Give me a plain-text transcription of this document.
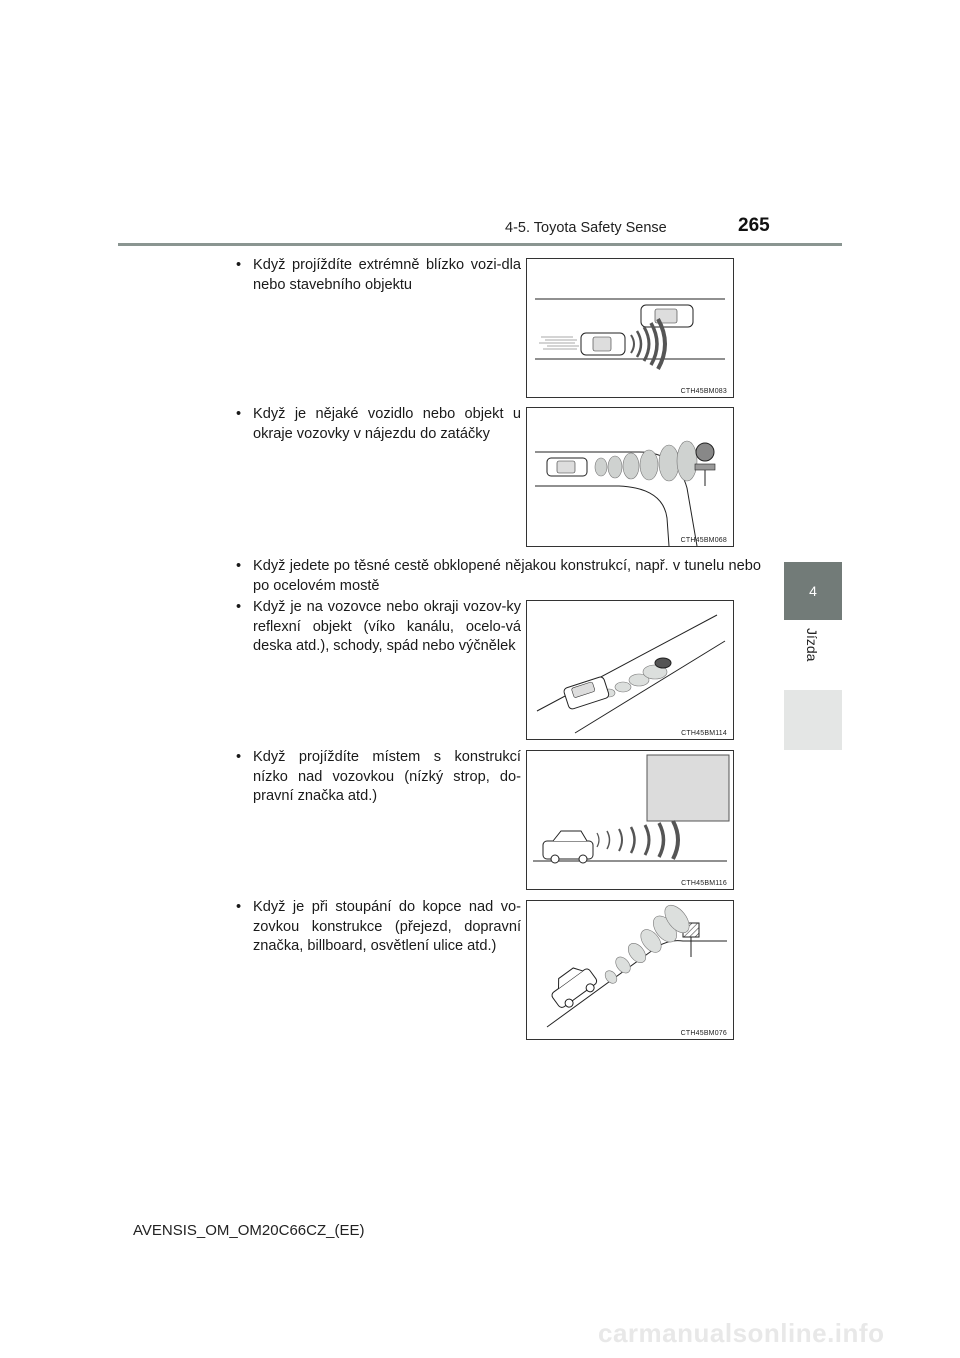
4-5. Toyota Safety Sense	265
4
Jízda
• Když projíždíte extrémně blízko vozi-dla nebo stavebního objektu
CTH45BM083
• Když je nějaké vozidlo nebo objekt u okraje vozovky v nájezdu do zatáčky
CTH45BM068
• Když jedete po těsné cestě obklopené nějakou konstrukcí, např. v tunelu nebo po ocelovém mostě
• Když je na vozovce nebo okraji vozov-ky reflexní objekt (víko kanálu, ocelo-vá deska atd.), schody, spád nebo výčnělek
CTH45BM114
• Když projíždíte místem s konstrukcí nízko nad vozovkou (nízký strop, do-pravní značka atd.)
CTH45BM116
• Když je při stoupání do kopce nad vo-zovkou konstrukce (přejezd, dopravní značka, billboard, osvětlení ulice atd.)
CTH45BM076
AVENSIS_OM_OM20C66CZ_(EE)
carmanualsonline.info
